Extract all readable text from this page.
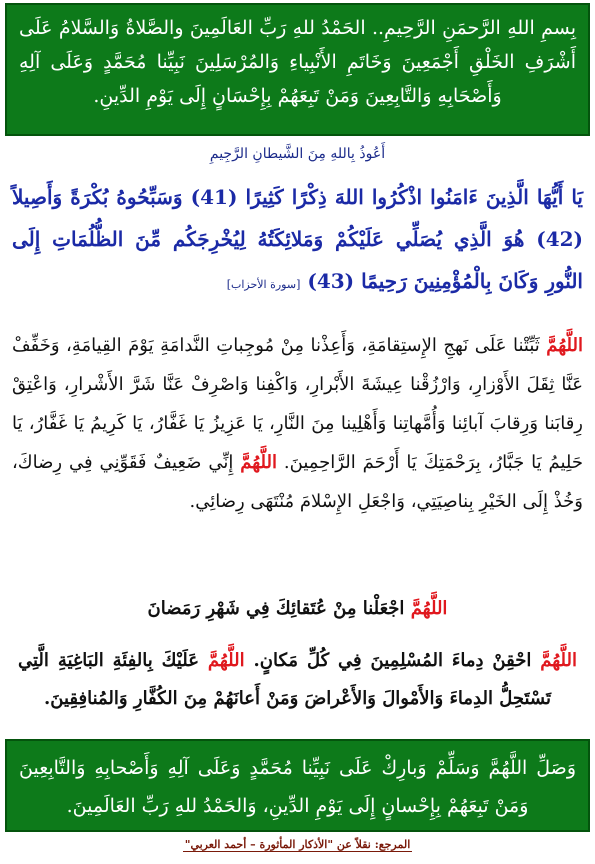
بِسمِ اللهِ الرَّحمَنِ الرَّحِيمِ.. الحَمْدُ للهِ رَبِّ العَالَمِينَ والصَّلاةُ وَالسَّلامُ عَلَى أَشْرَفِ الخَلْقِ أَجْمَعِينَ وَخَاتَمِ الأَنْبِياءِ وَالمُرْسَلِينَ نَبِيِّنا مُحَمَّدٍ وَعَلَى آلِهِ وَأَصْحَابِهِ وَالتَّابِعِينَ وَمَنْ تَبِعَهُمْ بِإِحْسَانٍ إِلَى يَوْمِ الدِّينِ.
أَعُوذُ بِاللهِ مِنَ الشَّيطانِ الرَّجِيمِ
يَا أَيُّهَا الَّذِينَ ءَامَنُوا اذْكُرُوا اللهَ ذِكْرًا كَثِيرًا (41) وَسَبِّحُوهُ بُكْرَةً وَأَصِيلاً (42) هُوَ الَّذِي يُصَلِّي عَلَيْكُمْ وَمَلائِكَتُهُ لِيُخْرِجَكُم مِّنَ الظُّلُمَاتِ إِلَى النُّورِ وَكَانَ بِالْمُؤْمِنِينَ رَحِيمًا (43) [سورة الأحزاب]
اللَّهُمَّ ثَبِّتْنا عَلَى نَهجِ الإِستِقامَةِ، وَأَعِذْنا مِنْ مُوجِباتِ النَّدامَةِ يَوْمَ القِيامَةِ، وَخَفِّفْ عَنَّا ثِقَلَ الأَوْزارِ، وَارْزُقْنا عِيشَةَ الأَبْرارِ، وَاكْفِنا وَاصْرِفْ عَنَّا شَرَّ الأَشْرارِ، وَاعْتِقْ رِقابَنا وَرِقابَ آبائِنا وَأُمَّهاتِنا وَأَهْلِينا مِنَ النَّارِ، يَا عَزِيزُ يَا غَفَّارُ، يَا كَرِيمُ يَا غَفَّارُ، يَا حَلِيمُ يَا جَبَّارُ، بِرَحْمَتِكَ يَا أَرْحَمَ الرَّاحِمِينَ. اللَّهُمَّ إِنِّي ضَعِيفٌ فَقَوِّنِي فِي رِضاكَ، وَخُذْ إِلَى الخَيْرِ بِناصِيَتِي، وَاجْعَلِ الإِسْلامَ مُنْتَهَى رِضائِي.
اللَّهُمَّ اجْعَلْنا مِنْ عُتَقائِكَ فِي شَهْرِ رَمَضانَ
اللَّهُمَّ احْقِنْ دِماءَ المُسْلِمِينَ فِي كُلِّ مَكانٍ. اللَّهُمَّ عَلَيْكَ بِالفِئَةِ البَاغِيَةِ الَّتِي تَسْتَحِلُّ الدِماءَ وَالأَمْوالَ وَالأَعْراضَ وَمَنْ أَعانَهُمْ مِنَ الكُفَّارِ وَالمُنافِقِينَ.
وَصَلِّ اللَّهُمَّ وَسَلِّمْ وَبارِكْ عَلَى نَبِيِّنا مُحَمَّدٍ وَعَلَى آلِهِ وَأَصْحابِهِ وَالتَّابِعِينَ وَمَنْ تَبِعَهُمْ بِإِحْسانٍ إِلَى يَوْمِ الدِّينِ، وَالحَمْدُ للهِ رَبِّ العَالَمِينَ.
المرجع: نقلاً عن "الأذكار المأثورة – أحمد العربي"
